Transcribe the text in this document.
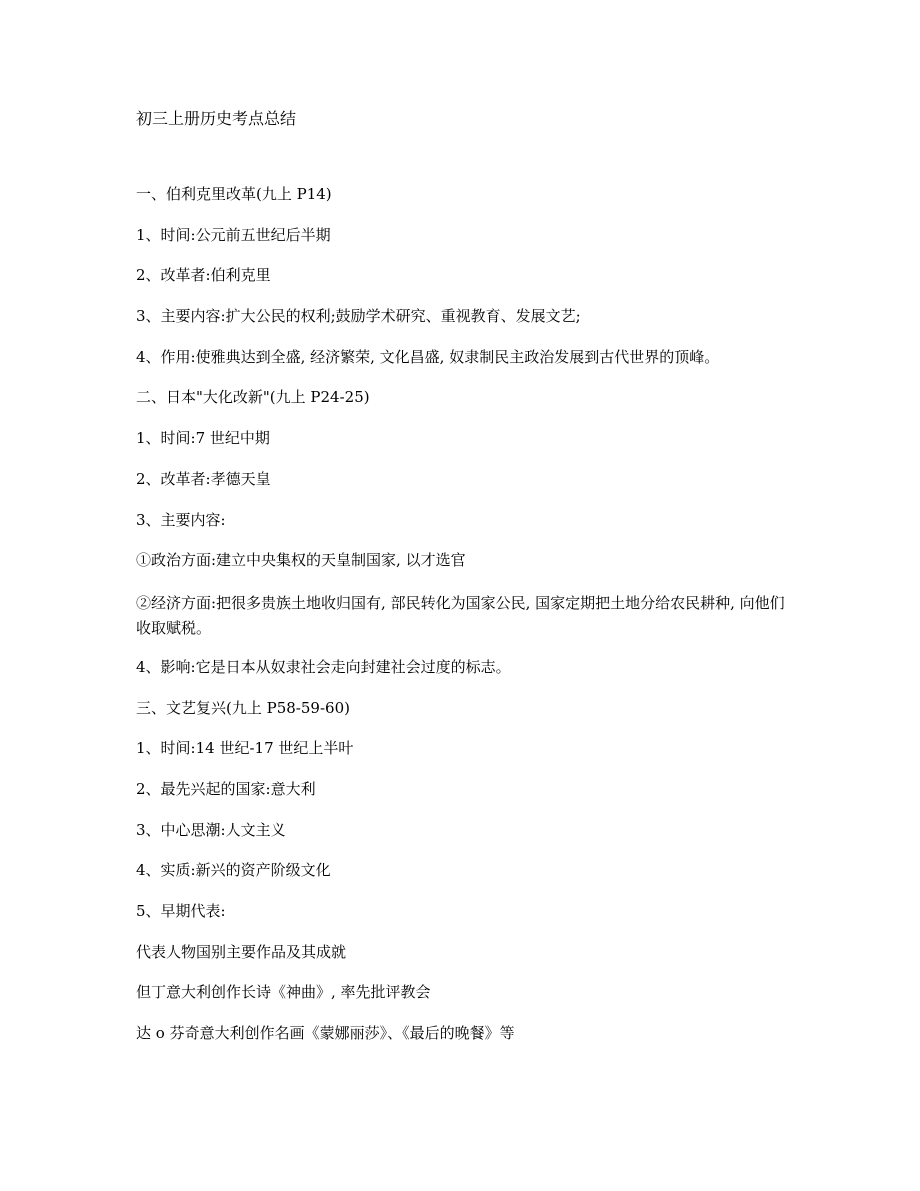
初三上册历史考点总结
一、伯利克里改革(九上 P14)
1、时间:公元前五世纪后半期
2、改革者:伯利克里
3、主要内容:扩大公民的权利;鼓励学术研究、重视教育、发展文艺;
4、作用:使雅典达到全盛, 经济繁荣, 文化昌盛, 奴隶制民主政治发展到古代世界的顶峰。
二、日本"大化改新"(九上 P24-25)
1、时间:7 世纪中期
2、改革者:孝德天皇
3、主要内容:
①政治方面:建立中央集权的天皇制国家, 以才选官
②经济方面:把很多贵族土地收归国有, 部民转化为国家公民, 国家定期把土地分给农民耕种, 向他们收取赋税。
4、影响:它是日本从奴隶社会走向封建社会过度的标志。
三、文艺复兴(九上 P58-59-60)
1、时间:14 世纪-17 世纪上半叶
2、最先兴起的国家:意大利
3、中心思潮:人文主义
4、实质:新兴的资产阶级文化
5、早期代表:
代表人物国别主要作品及其成就
但丁意大利创作长诗《神曲》, 率先批评教会
达 o 芬奇意大利创作名画《蒙娜丽莎》、《最后的晚餐》等
